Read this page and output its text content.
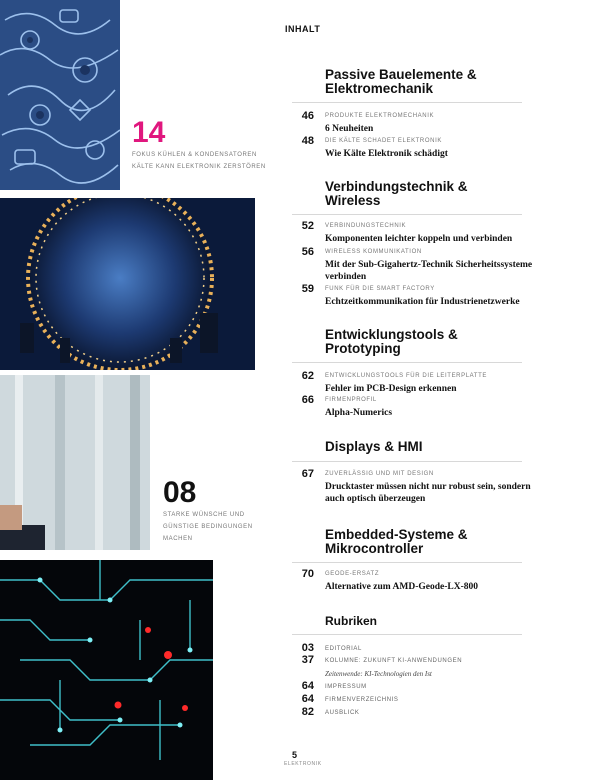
14
FOKUS KÜHLEN & KONDENSATOREN
KÄLTE KANN ELEKTRONIK ZERSTÖREN
08
STARKE WÜNSCHE UND
GÜNSTIGE BEDINGUNGEN
MACHEN
INHALT
Passive Bauelemente &
Elektromechanik
46 PRODUKTE ELEKTROMECHANIK
6 Neuheiten
48 DIE KÄLTE SCHADET ELEKTRONIK
Wie Kälte Elektronik schädigt
Verbindungstechnik &
Wireless
52 VERBINDUNGSTECHNIK
Komponenten leichter koppeln und verbinden
56 WIRELESS KOMMUNIKATION
Mit der Sub-Gigahertz-Technik Sicherheitssysteme
verbinden
59 FUNK FÜR DIE SMART FACTORY
Echtzeitkommunikation für Industrienetzwerke
Entwicklungstools &
Prototyping
62 ENTWICKLUNGSTOOLS FÜR DIE LEITERPLATTE
Fehler im PCB-Design erkennen
66 FIRMENPROFIL
Alpha-Numerics
Displays & HMI
67 ZUVERLÄSSIG UND MIT DESIGN
Drucktaster müssen nicht nur robust sein, sondern
auch optisch überzeugen
Embedded-Systeme &
Mikrocontroller
70 GEODE-ERSATZ
Alternative zum AMD-Geode-LX-800
Rubriken
03 EDITORIAL
37 KOLUMNE: ZUKUNFT KI-ANWENDUNGEN
Zeitenwende: KI-Technologien den Ist
64 IMPRESSUM
64 FIRMENVERZEICHNIS
82 AUSBLICK
5
ELEKTRONIK
